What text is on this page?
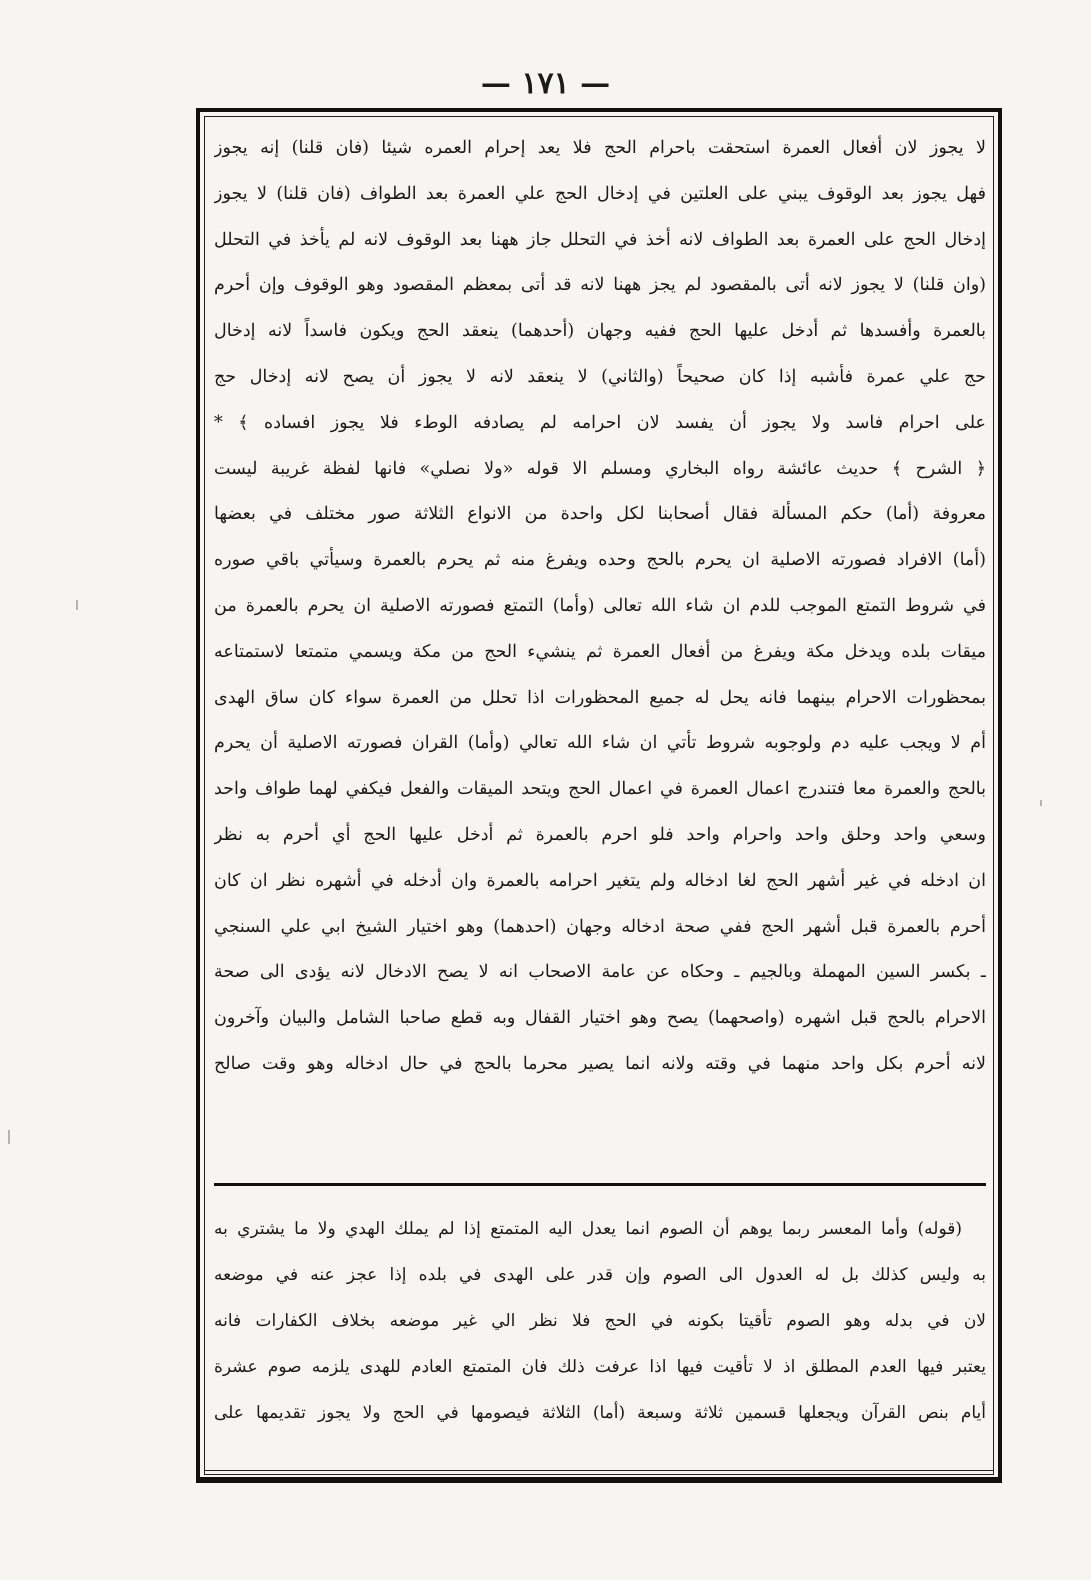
— ١٧١ —
لا يجوز لان أفعال العمرة استحقت باحرام الحج فلا يعد إحرام العمره شيئا (فان قلنا) إنه يجوز
فهل يجوز بعد الوقوف يبني على العلتين في إدخال الحج علي العمرة بعد الطواف (فان قلنا) لا يجوز
إدخال الحج على العمرة بعد الطواف لانه أخذ في التحلل جاز ههنا بعد الوقوف لانه لم يأخذ في التحلل
(وان قلنا) لا يجوز لانه أتى بالمقصود لم يجز ههنا لانه قد أتى بمعظم المقصود وهو الوقوف وإن أحرم
بالعمرة وأفسدها ثم أدخل عليها الحج ففيه وجهان (أحدهما) ينعقد الحج ويكون فاسداً لانه إدخال
حج علي عمرة فأشبه إذا كان صحيحاً (والثاني) لا ينعقد لانه لا يجوز أن يصح لانه إدخال حج
على احرام فاسد ولا يجوز أن يفسد لان احرامه لم يصادفه الوطء فلا يجوز افساده ﴾ *
﴿ الشرح ﴾ حديث عائشة رواه البخاري ومسلم الا قوله «ولا نصلي» فانها لفظة غريبة ليست
معروفة (أما) حكم المسألة فقال أصحابنا لكل واحدة من الانواع الثلاثة صور مختلف في بعضها
(أما) الافراد فصورته الاصلية ان يحرم بالحج وحده ويفرغ منه ثم يحرم بالعمرة وسيأتي باقي صوره
في شروط التمتع الموجب للدم ان شاء الله تعالى (وأما) التمتع فصورته الاصلية ان يحرم بالعمرة من
ميقات بلده ويدخل مكة ويفرغ من أفعال العمرة ثم ينشيء الحج من مكة ويسمي متمتعا لاستمتاعه
بمحظورات الاحرام بينهما فانه يحل له جميع المحظورات اذا تحلل من العمرة سواء كان ساق الهدى
أم لا ويجب عليه دم ولوجوبه شروط تأتي ان شاء الله تعالي (وأما) القران فصورته الاصلية أن يحرم
بالحج والعمرة معا فتندرج اعمال العمرة في اعمال الحج ويتحد الميقات والفعل فيكفي لهما طواف واحد
وسعي واحد وحلق واحد واحرام واحد فلو احرم بالعمرة ثم أدخل عليها الحج أي أحرم به نظر
ان ادخله في غير أشهر الحج لغا ادخاله ولم يتغير احرامه بالعمرة وان أدخله في أشهره نظر ان كان
أحرم بالعمرة قبل أشهر الحج ففي صحة ادخاله وجهان (احدهما) وهو اختيار الشيخ ابي علي السنجي
ـ بكسر السين المهملة وبالجيم ـ وحكاه عن عامة الاصحاب انه لا يصح الادخال لانه يؤدى الى صحة
الاحرام بالحج قبل اشهره (واصحهما) يصح وهو اختيار القفال وبه قطع صاحبا الشامل والبيان وآخرون
لانه أحرم بكل واحد منهما في وقته ولانه انما يصير محرما بالحج في حال ادخاله وهو وقت صالح
(قوله) وأما المعسر ربما يوهم أن الصوم انما يعدل اليه المتمتع إذا لم يملك الهدي ولا ما يشتري به
به وليس كذلك بل له العدول الى الصوم وإن قدر على الهدى في بلده إذا عجز عنه في موضعه
لان في بدله وهو الصوم تأقيتا بكونه في الحج فلا نظر الي غير موضعه بخلاف الكفارات فانه
يعتبر فيها العدم المطلق اذ لا تأقيت فيها اذا عرفت ذلك فان المتمتع العادم للهدى يلزمه صوم عشرة
أيام بنص القرآن ويجعلها قسمين ثلاثة وسبعة (أما) الثلاثة فيصومها في الحج ولا يجوز تقديمها على
